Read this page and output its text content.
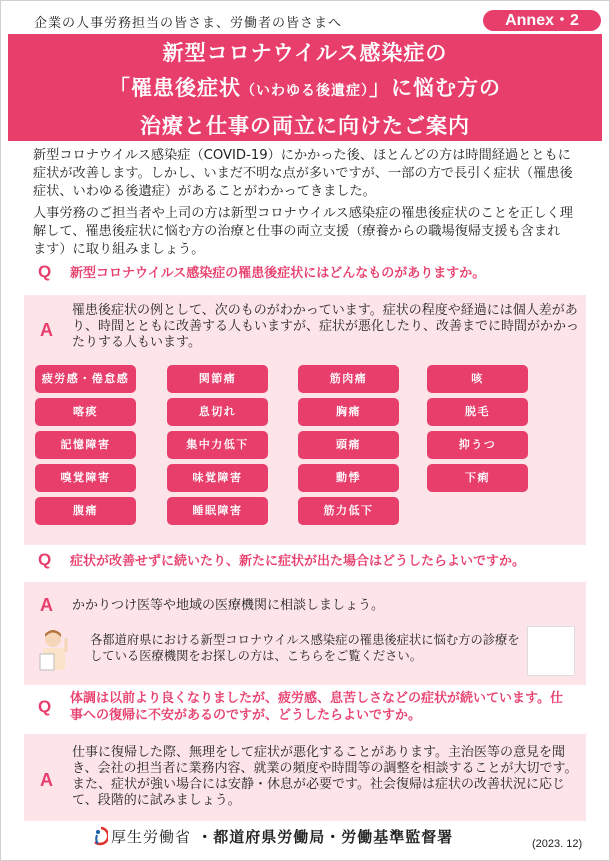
企業の人事労務担当の皆さま、労働者の皆さまへ	Annex・2
新型コロナウイルス感染症の
「罹患後症状（いわゆる後遺症）」に悩む方の
治療と仕事の両立に向けたご案内
新型コロナウイルス感染症（COVID-19）にかかった後、ほとんどの方は時間経過とともに症状が改善します。しかし、いまだ不明な点が多いですが、一部の方で長引く症状（罹患後症状、いわゆる後遺症）があることがわかってきました。
人事労務のご担当者や上司の方は新型コロナウイルス感染症の罹患後症状のことを正しく理解して、罹患後症状に悩む方の治療と仕事の両立支援（療養からの職場復帰支援も含まれます）に取り組みましょう。
Q 新型コロナウイルス感染症の罹患後症状にはどんなものがありますか。
A
罹患後症状の例として、次のものがわかっています。症状の程度や経過には個人差があり、時間とともに改善する人もいますが、症状が悪化したり、改善までに時間がかかったりする人もいます。
疲労感・倦怠感	関節痛	筋肉痛	咳
喀痰	息切れ	胸痛	脱毛
記憶障害	集中力低下	頭痛	抑うつ
嗅覚障害	味覚障害	動悸	下痢
腹痛	睡眠障害	筋力低下
Q 症状が改善せずに続いたり、新たに症状が出た場合はどうしたらよいですか。
A かかりつけ医等や地域の医療機関に相談しましょう。
各都道府県における新型コロナウイルス感染症の罹患後症状に悩む方の診療をしている医療機関をお探しの方は、こちらをご覧ください。
Q 体調は以前より良くなりましたが、疲労感、息苦しさなどの症状が続いています。仕事への復帰に不安があるのですが、どうしたらよいですか。
A
仕事に復帰した際、無理をして症状が悪化することがあります。主治医等の意見を聞き、会社の担当者に業務内容、就業の頻度や時間等の調整を相談することが大切です。また、症状が強い場合には安静・休息が必要です。社会復帰は症状の改善状況に応じて、段階的に試みましょう。
厚生労働省 ・都道府県労働局・労働基準監督署	(2023. 12)
